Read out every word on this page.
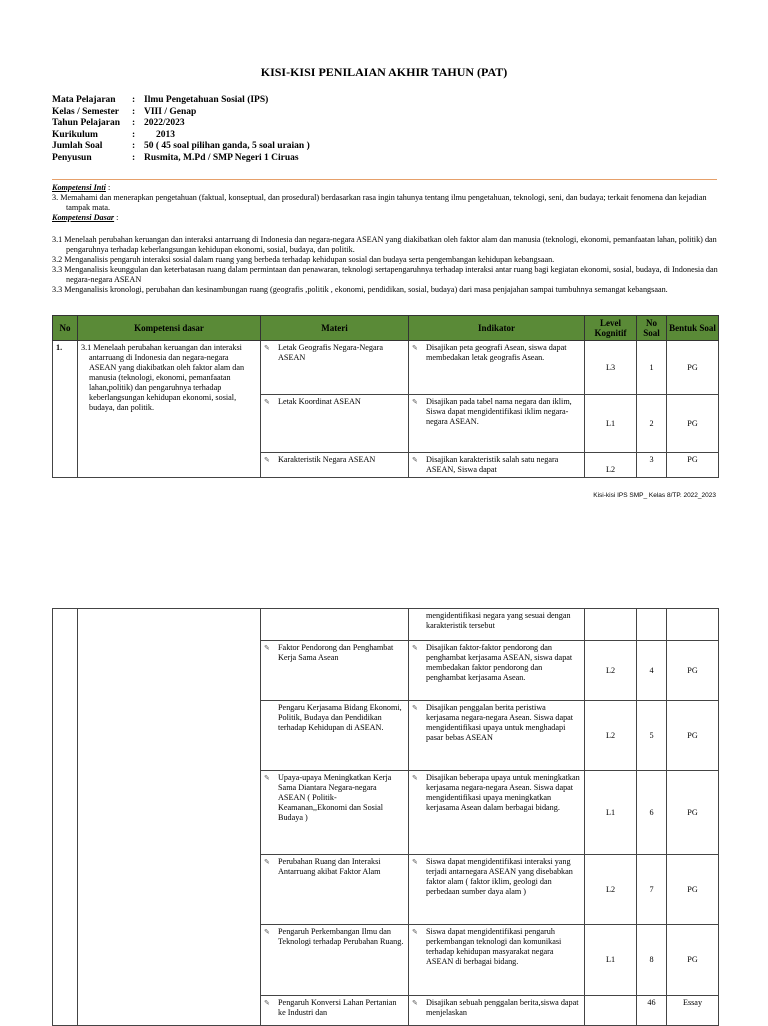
KISI-KISI PENILAIAN AKHIR TAHUN (PAT)
Mata Pelajaran : Ilmu Pengetahuan Sosial (IPS)
Kelas / Semester : VIII / Genap
Tahun Pelajaran : 2022/2023
Kurikulum	: 2013
Jumlah Soal	: 50 ( 45 soal pilihan ganda, 5 soal uraian )
Penyusun	: Rusmita, M.Pd / SMP Negeri 1 Ciruas
Kompetensi Inti :
3. Memahami dan menerapkan pengetahuan (faktual, konseptual, dan prosedural) berdasarkan rasa ingin tahunya tentang ilmu pengetahuan, teknologi, seni, dan budaya; terkait fenomena dan kejadian tampak mata.
Kompetensi Dasar :
3.1 Menelaah perubahan keruangan dan interaksi antarruang di Indonesia dan negara-negara ASEAN yang diakibatkan oleh faktor alam dan manusia (teknologi, ekonomi, pemanfaatan lahan, politik) dan pengaruhnya terhadap keberlangsungan kehidupan ekonomi, sosial, budaya, dan politik.
3.2 Menganalisis pengaruh interaksi sosial dalam ruang yang berbeda terhadap kehidupan sosial dan budaya serta pengembangan kehidupan kebangsaan.
3.3 Menganalisis keunggulan dan keterbatasan ruang dalam permintaan dan penawaran, teknologi sertapengaruhnya terhadap interaksi antar ruang bagi kegiatan ekonomi, sosial, budaya, di Indonesia dan negara-negara ASEAN
3.3 Menganalisis kronologi, perubahan dan kesinambungan ruang (geografis ,politik , ekonomi, pendidikan, sosial, budaya) dari masa penjajahan sampai tumbuhnya semangat kebangsaan.
No	Kompetensi dasar	Materi	Indikator	Level Kognitif	No Soal	Bentuk Soal
1.	3.1 Menelaah perubahan keruangan dan interaksi antarruang di Indonesia dan negara-negara ASEAN yang diakibatkan oleh faktor alam dan manusia (teknologi, ekonomi, pemanfaatan lahan,politik) dan pengaruhnya terhadap keberlangsungan kehidupan ekonomi, sosial, budaya, dan politik.	✎ Letak Geografis Negara-Negara ASEAN	✎ Disajikan peta geografi Asean, siswa dapat membedakan letak geografis Asean.	L3	1	PG

		✎ Letak Koordinat ASEAN	✎ Disajikan pada tabel nama negara dan iklim, Siswa dapat mengidentifikasi iklim negara-negara ASEAN.	L1	2	PG

		✎ Karakteristik Negara ASEAN	✎ Disajikan karakteristik salah satu negara ASEAN, Siswa dapat	L2	3	PG
Kisi-kisi IPS SMP_ Kelas 8/TP. 2022_2023

			mengidentifikasi negara yang sesuai dengan karakteristik tersebut			

		✎ Faktor Pendorong dan Penghambat Kerja Sama Asean	✎ Disajikan faktor-faktor pendorong dan penghambat kerjasama ASEAN, siswa dapat membedakan faktor pendorong dan penghambat kerjasama Asean.	L2	4	PG

		Pengaru Kerjasama Bidang Ekonomi, Politik, Budaya dan Pendidikan terhadap Kehidupan di ASEAN.	✎ Disajikan penggalan berita peristiwa kerjasama negara-negara Asean. Siswa dapat mengidentifikasi upaya untuk menghadapi pasar bebas ASEAN	L2	5	PG

		✎ Upaya-upaya Meningkatkan Kerja Sama Diantara Negara-negara ASEAN ( Politik-Keamanan,,Ekonomi dan Sosial Budaya )	✎ Disajikan beberapa upaya untuk meningkatkan kerjasama negara-negara Asean. Siswa dapat mengidentifikasi upaya meningkatkan kerjasama Asean dalam berbagai bidang.	L1	6	PG

		✎ Perubahan Ruang dan Interaksi Antarruang akibat Faktor Alam	✎ Siswa dapat mengidentifikasi interaksi yang terjadi antarnegara ASEAN yang disebabkan faktor alam ( faktor iklim, geologi dan perbedaan sumber daya alam )	L2	7	PG

		✎ Pengaruh Perkembangan Ilmu dan Teknologi terhadap Perubahan Ruang.	✎ Siswa dapat mengidentifikasi pengaruh perkembangan teknologi dan komunikasi terhadap kehidupan masyarakat negara ASEAN di berbagai bidang.	L1	8	PG

		✎ Pengaruh Konversi Lahan Pertanian ke Industri dan	✎ Disajikan sebuah penggalan berita,siswa dapat menjelaskan		46	Essay
